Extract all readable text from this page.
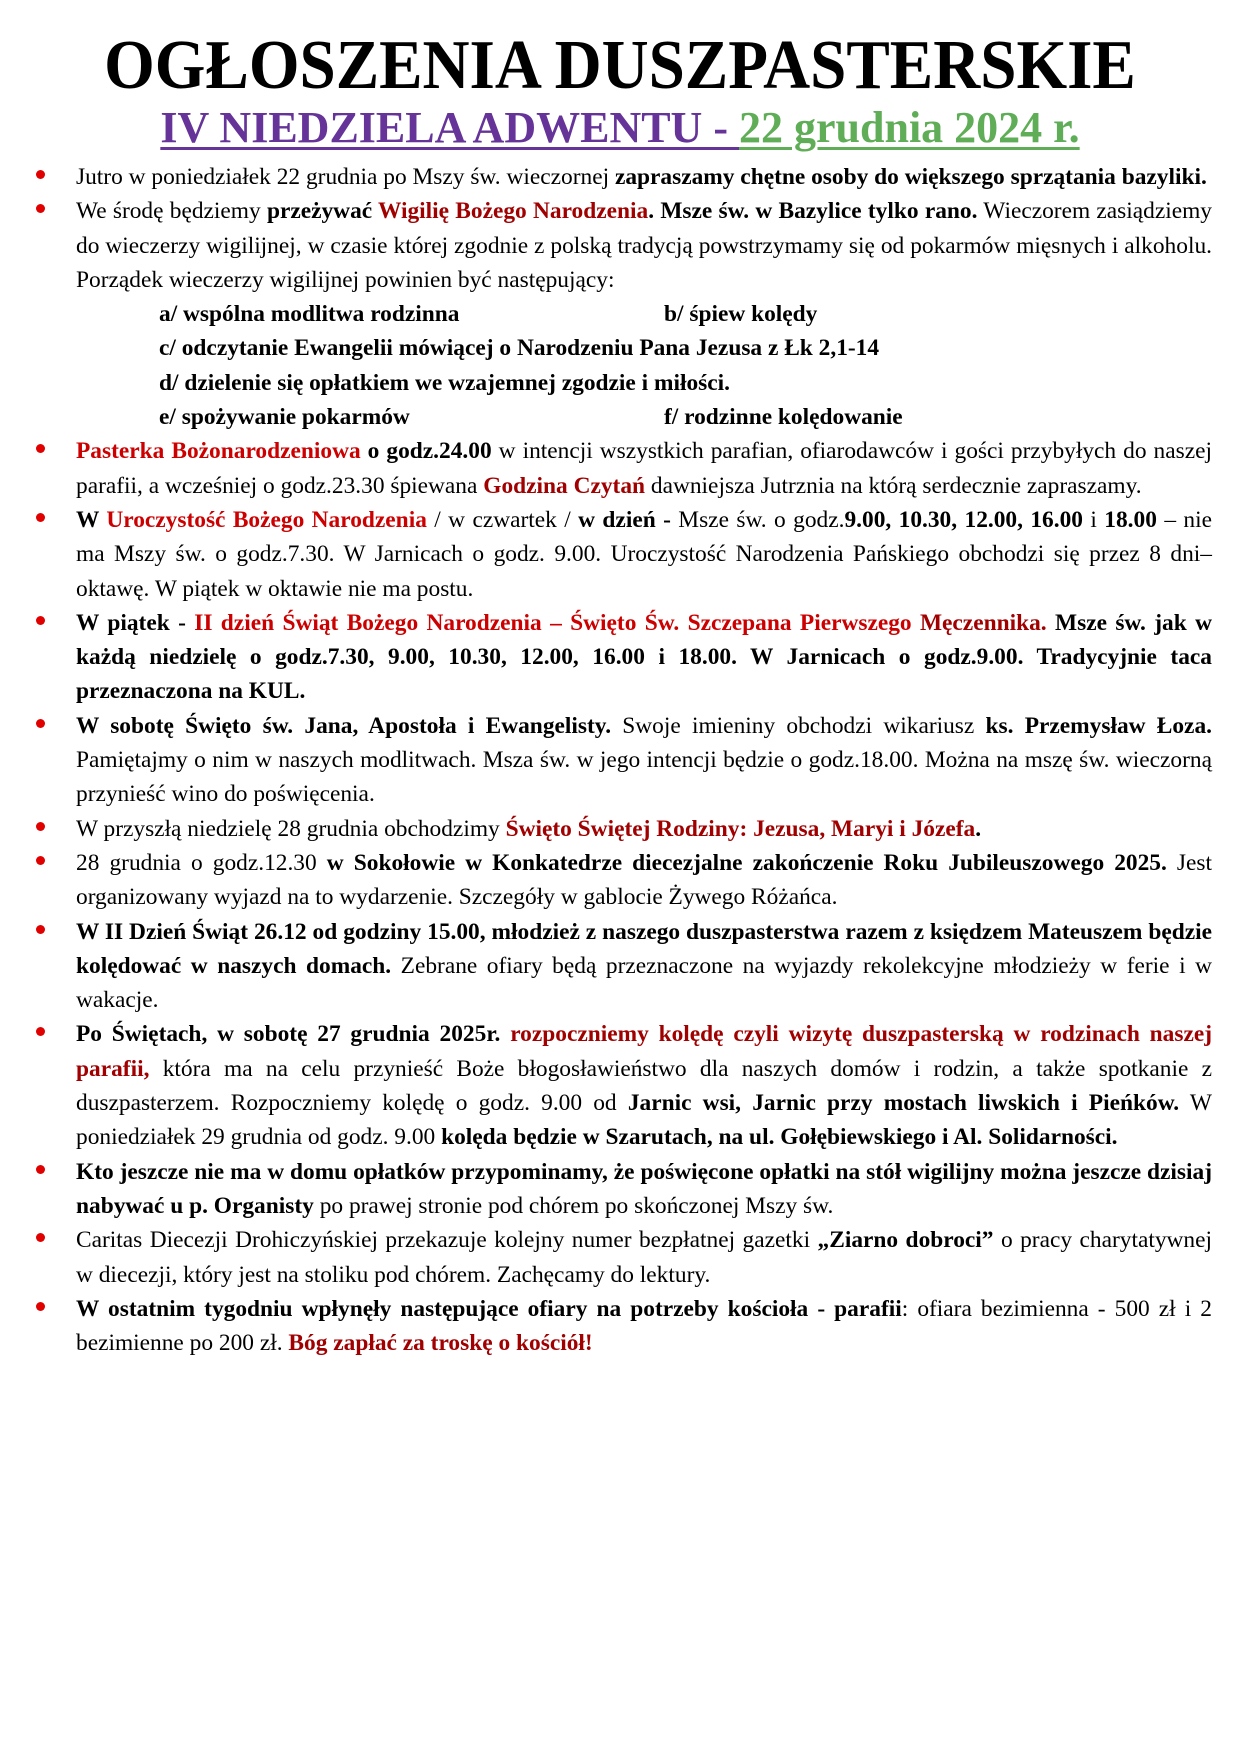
OGŁOSZENIA DUSZPASTERSKIE
IV NIEDZIELA ADWENTU - 22 grudnia 2024 r.
Jutro w poniedziałek 22 grudnia po Mszy św. wieczornej zapraszamy chętne osoby do większego sprzątania bazyliki.
We środę będziemy przeżywać Wigilię Bożego Narodzenia. Msze św. w Bazylice tylko rano. Wieczorem zasiądziemy do wieczerzy wigilijnej, w czasie której zgodnie z polską tradycją powstrzymamy się od pokarmów mięsnych i alkoholu. Porządek wieczerzy wigilijnej powinien być następujący:
a/ wspólna modlitwa rodzinna	b/ śpiew kolędy
c/ odczytanie Ewangelii mówiącej o Narodzeniu Pana Jezusa z Łk 2,1-14
d/ dzielenie się opłatkiem we wzajemnej zgodzie i miłości.
e/ spożywanie pokarmów	f/ rodzinne kolędowanie
Pasterka Bożonarodzeniowa o godz.24.00 w intencji wszystkich parafian, ofiarodawców i gości przybyłych do naszej parafii, a wcześniej o godz.23.30 śpiewana Godzina Czytań dawniejsza Jutrznia na którą serdecznie zapraszamy.
W Uroczystość Bożego Narodzenia / w czwartek / w dzień - Msze św. o godz.9.00, 10.30, 12.00, 16.00 i 18.00 – nie ma Mszy św. o godz.7.30. W Jarnicach o godz. 9.00. Uroczystość Narodzenia Pańskiego obchodzi się przez 8 dni–oktawę. W piątek w oktawie nie ma postu.
W piątek - II dzień Świąt Bożego Narodzenia – Święto Św. Szczepana Pierwszego Męczennika. Msze św. jak w każdą niedzielę o godz.7.30, 9.00, 10.30, 12.00, 16.00 i 18.00. W Jarnicach o godz.9.00. Tradycyjnie taca przeznaczona na KUL.
W sobotę Święto św. Jana, Apostoła i Ewangelisty. Swoje imieniny obchodzi wikariusz ks. Przemysław Łoza. Pamiętajmy o nim w naszych modlitwach. Msza św. w jego intencji będzie o godz.18.00. Można na mszę św. wieczorną przynieść wino do poświęcenia.
W przyszłą niedzielę 28 grudnia obchodzimy Święto Świętej Rodziny: Jezusa, Maryi i Józefa.
28 grudnia o godz.12.30 w Sokołowie w Konkatedrze diecezjalne zakończenie Roku Jubileuszowego 2025. Jest organizowany wyjazd na to wydarzenie. Szczegóły w gablocie Żywego Różańca.
W II Dzień Świąt 26.12 od godziny 15.00, młodzież z naszego duszpasterstwa razem z księdzem Mateuszem będzie kolędować w naszych domach. Zebrane ofiary będą przeznaczone na wyjazdy rekolekcyjne młodzieży w ferie i w wakacje.
Po Świętach, w sobotę 27 grudnia 2025r. rozpoczniemy kolędę czyli wizytę duszpasterską w rodzinach naszej parafii, która ma na celu przynieść Boże błogosławieństwo dla naszych domów i rodzin, a także spotkanie z duszpasterzem. Rozpoczniemy kolędę o godz. 9.00 od Jarnic wsi, Jarnic przy mostach liwskich i Pieńków. W poniedziałek 29 grudnia od godz. 9.00 kolęda będzie w Szarutach, na ul. Gołębiewskiego i Al. Solidarności.
Kto jeszcze nie ma w domu opłatków przypominamy, że poświęcone opłatki na stół wigilijny można jeszcze dzisiaj nabywać u p. Organisty po prawej stronie pod chórem po skończonej Mszy św.
Caritas Diecezji Drohiczyńskiej przekazuje kolejny numer bezpłatnej gazetki „Ziarno dobroci” o pracy charytatywnej w diecezji, który jest na stoliku pod chórem. Zachęcamy do lektury.
W ostatnim tygodniu wpłynęły następujące ofiary na potrzeby kościoła - parafii: ofiara bezimienna - 500 zł i 2 bezimienne po 200 zł. Bóg zapłać za troskę o kościół!
